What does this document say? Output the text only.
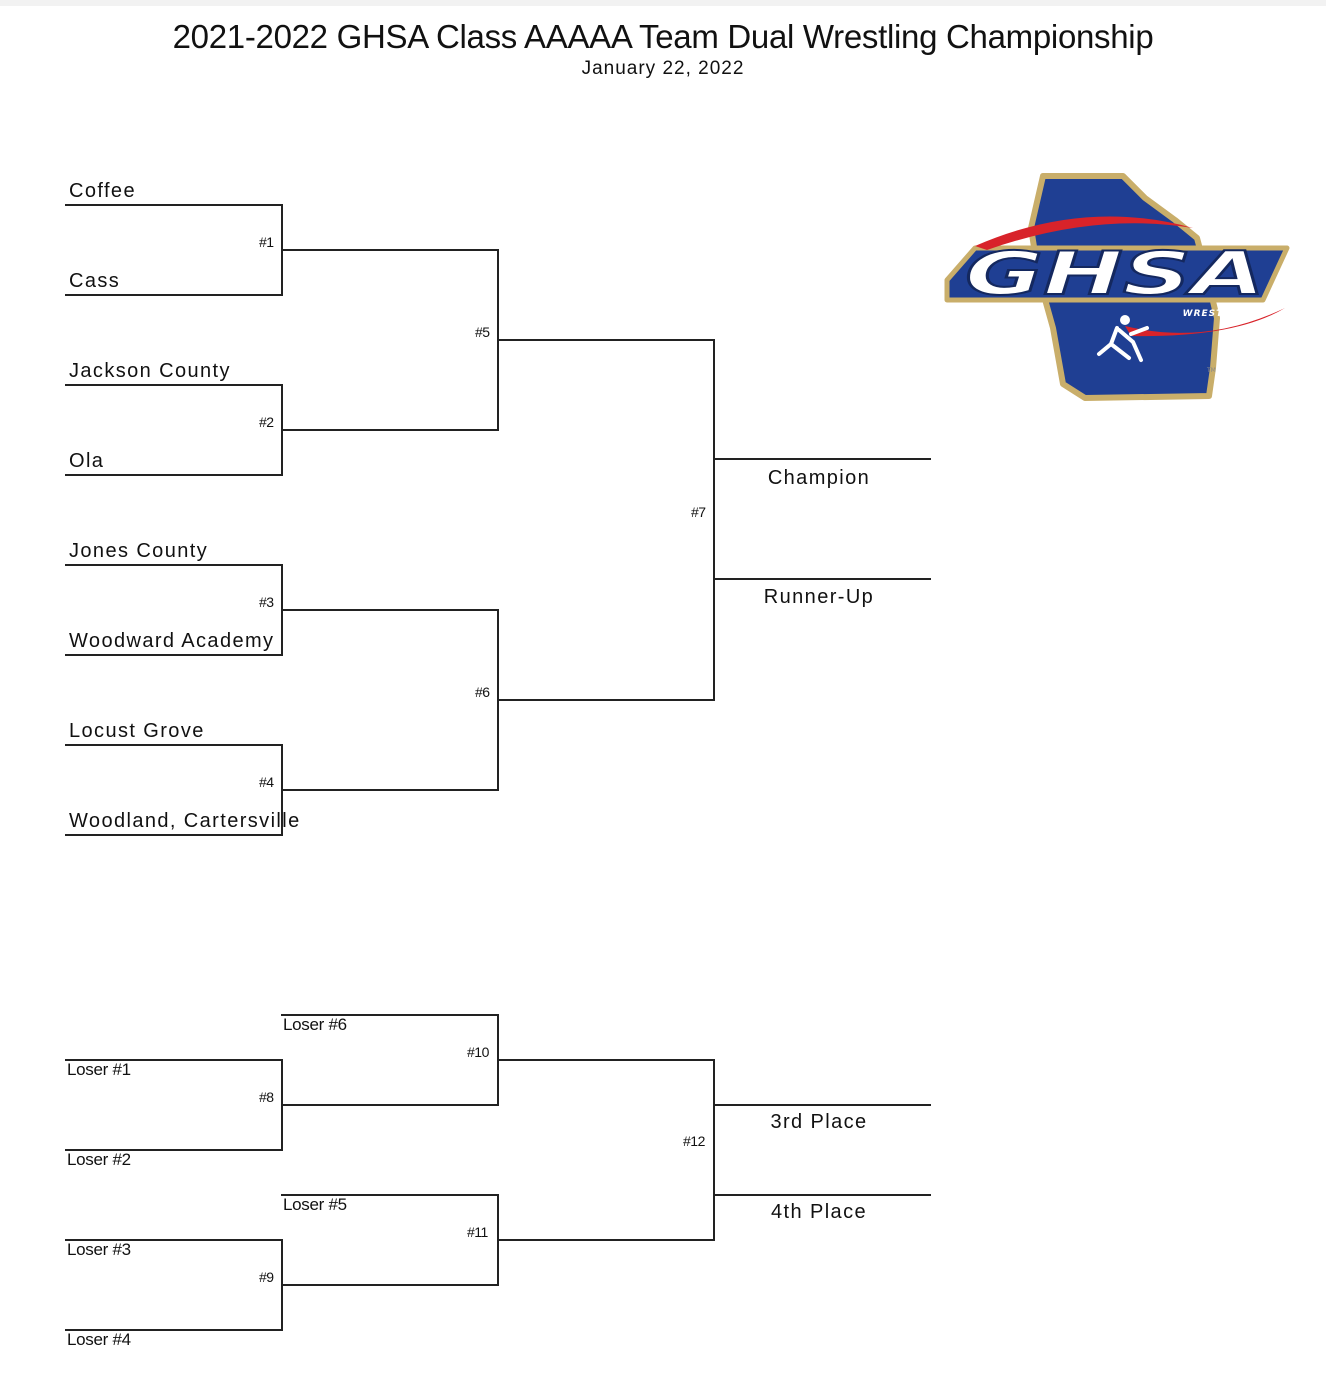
2021-2022 GHSA Class AAAAA Team Dual Wrestling Championship
January 22, 2022
Coffee
Cass
Jackson County
Ola
Jones County
Woodward Academy
Locust Grove
Woodland, Cartersville
#1
#2
#3
#4
#5
#6
#7
Champion
Runner-Up
Loser #6
Loser #1
Loser #2
Loser #5
Loser #3
Loser #4
#8
#9
#10
#11
#12
3rd Place
4th Place
GHSA
WRESTLING
TM
